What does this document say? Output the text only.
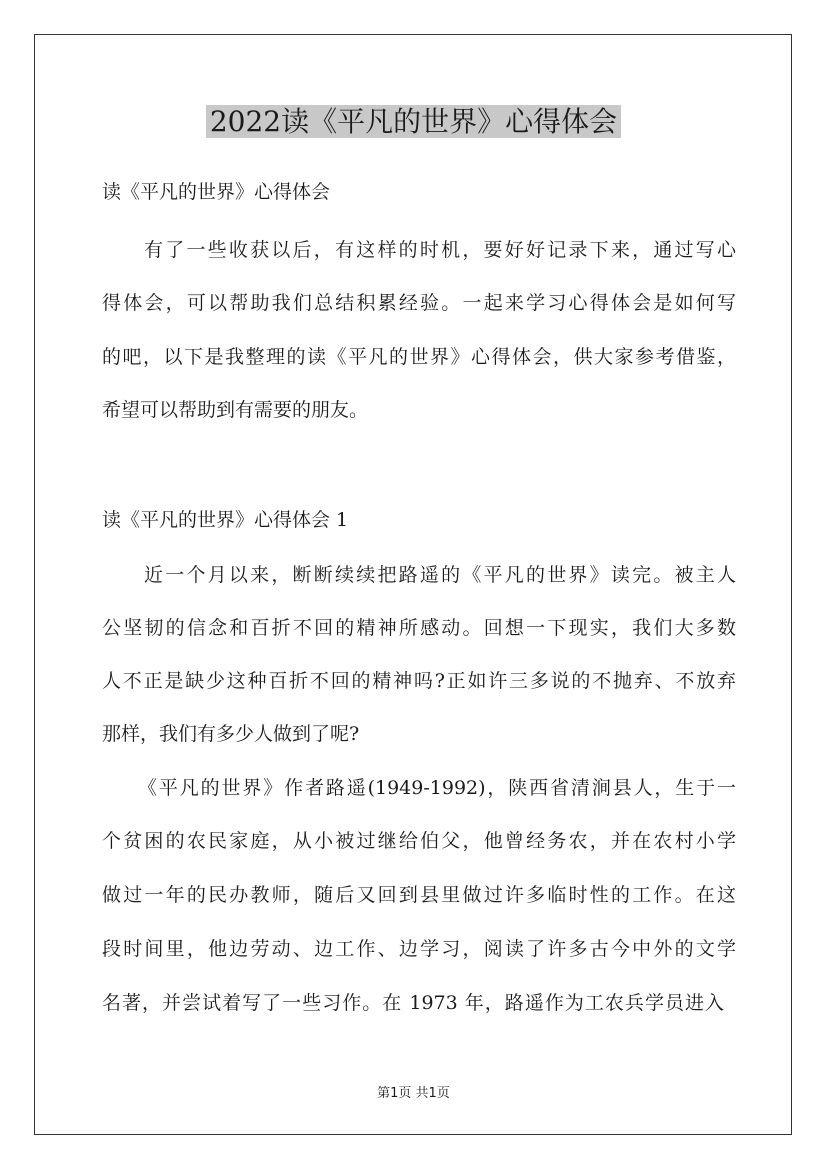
2022读《平凡的世界》心得体会
读《平凡的世界》心得体会
有了一些收获以后，有这样的时机，要好好记录下来，通过写心
得体会，可以帮助我们总结积累经验。一起来学习心得体会是如何写
的吧，以下是我整理的读《平凡的世界》心得体会，供大家参考借鉴，
希望可以帮助到有需要的朋友。
读《平凡的世界》心得体会 1
近一个月以来，断断续续把路遥的《平凡的世界》读完。被主人
公坚韧的信念和百折不回的精神所感动。回想一下现实，我们大多数
人不正是缺少这种百折不回的精神吗?正如许三多说的不抛弃、不放弃
那样，我们有多少人做到了呢?
《平凡的世界》作者路遥(1949-1992)，陕西省清涧县人，生于一
个贫困的农民家庭，从小被过继给伯父，他曾经务农，并在农村小学
做过一年的民办教师，随后又回到县里做过许多临时性的工作。在这
段时间里，他边劳动、边工作、边学习，阅读了许多古今中外的文学
名著，并尝试着写了一些习作。在 1973 年，路遥作为工农兵学员进入
第1页 共1页
